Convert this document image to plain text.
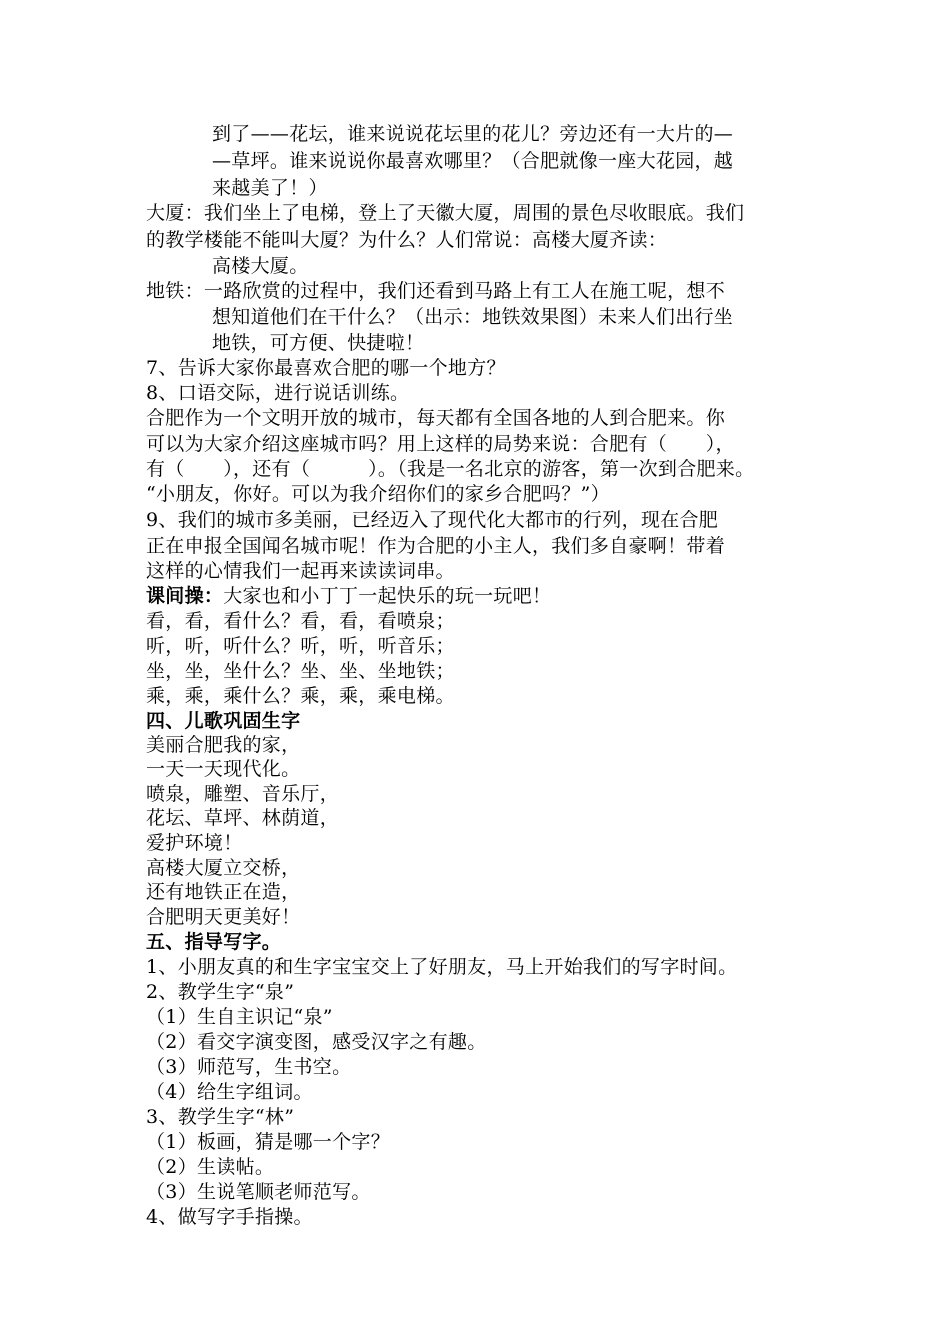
到了——花坛，谁来说说花坛里的花儿？旁边还有一大片的—
—草坪。谁来说说你最喜欢哪里？（合肥就像一座大花园，越
来越美了！）
大厦：我们坐上了电梯，登上了天徽大厦，周围的景色尽收眼底。我们
的教学楼能不能叫大厦？为什么？人们常说：高楼大厦齐读：
高楼大厦。
地铁：一路欣赏的过程中，我们还看到马路上有工人在施工呢，想不
想知道他们在干什么？（出示：地铁效果图）未来人们出行坐
地铁，可方便、快捷啦！
7、告诉大家你最喜欢合肥的哪一个地方？
8、口语交际，进行说话训练。
合肥作为一个文明开放的城市，每天都有全国各地的人到合肥来。你
可以为大家介绍这座城市吗？用上这样的局势来说：合肥有（　　），
有（　　），还有（　　　）。（我是一名北京的游客，第一次到合肥来。
“小朋友，你好。可以为我介绍你们的家乡合肥吗？”）
9、我们的城市多美丽，已经迈入了现代化大都市的行列，现在合肥
正在申报全国闻名城市呢！作为合肥的小主人，我们多自豪啊！带着
这样的心情我们一起再来读读词串。
课间操：大家也和小丁丁一起快乐的玩一玩吧！
看，看，看什么？看，看，看喷泉；
听，听，听什么？听，听，听音乐；
坐，坐，坐什么？坐、坐、坐地铁；
乘，乘，乘什么？乘，乘，乘电梯。
四、儿歌巩固生字
美丽合肥我的家，
一天一天现代化。
喷泉，雕塑、音乐厅，
花坛、草坪、林荫道，
爱护环境！
高楼大厦立交桥，
还有地铁正在造，
合肥明天更美好！
五、指导写字。
1、小朋友真的和生字宝宝交上了好朋友，马上开始我们的写字时间。
2、教学生字“泉”
（1）生自主识记“泉”
（2）看交字演变图，感受汉字之有趣。
（3）师范写，生书空。
（4）给生字组词。
3、教学生字“林”
（1）板画，猜是哪一个字？
（2）生读帖。
（3）生说笔顺老师范写。
4、做写字手指操。
